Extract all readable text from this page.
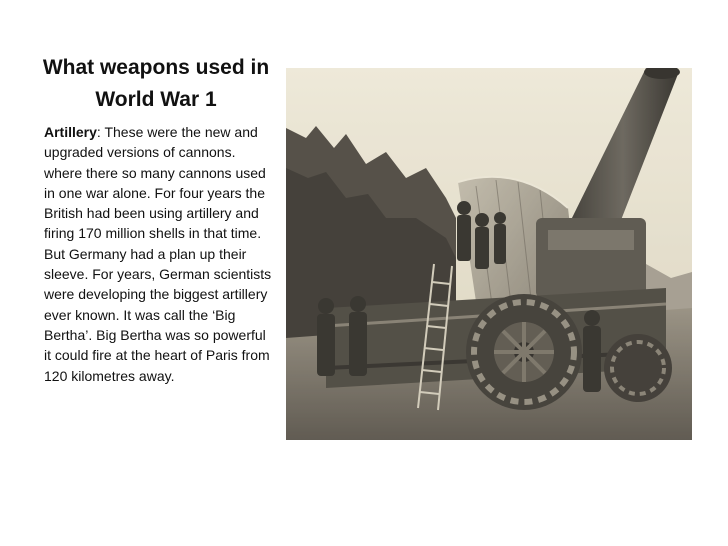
What weapons used in World War 1

Artillery: These were the new and upgraded versions of cannons. where there so many cannons used in one war alone. For four years the British had been using artillery and firing 170 million shells in that time. But Germany had a plan up their sleeve. For years, German scientists were developing the biggest artillery ever known. It was call the ‘Big Bertha’. Big Bertha was so powerful it could fire at the heart of Paris from 120 kilometres away.
